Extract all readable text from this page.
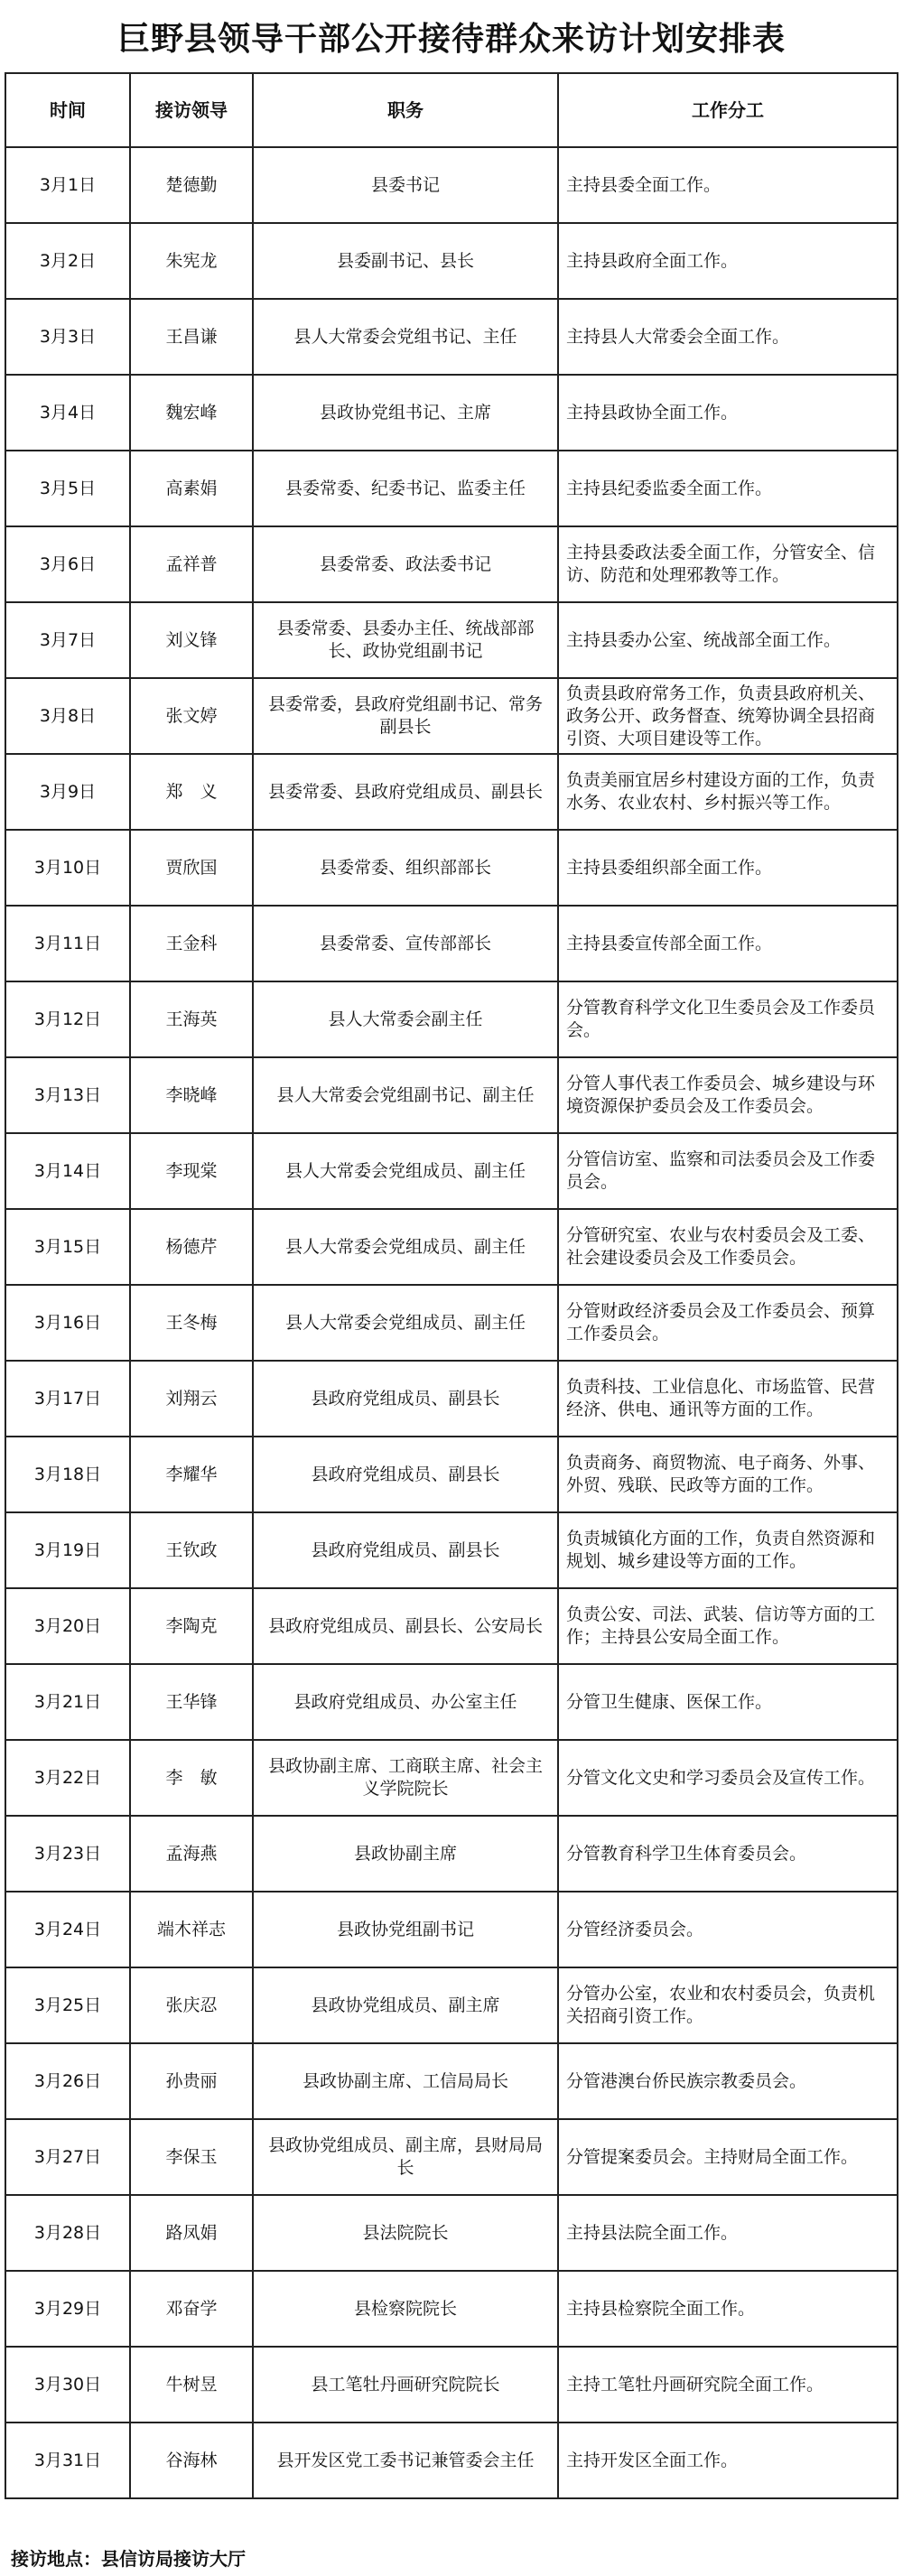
巨野县领导干部公开接待群众来访计划安排表
时间	接访领导	职务	工作分工
3月1日	楚德勤	县委书记	主持县委全面工作。
3月2日	朱宪龙	县委副书记、县长	主持县政府全面工作。
3月3日	王昌谦	县人大常委会党组书记、主任	主持县人大常委会全面工作。
3月4日	魏宏峰	县政协党组书记、主席	主持县政协全面工作。
3月5日	高素娟	县委常委、纪委书记、监委主任	主持县纪委监委全面工作。
3月6日	孟祥普	县委常委、政法委书记	主持县委政法委全面工作，分管安全、信访、防范和处理邪教等工作。
3月7日	刘义锋	县委常委、县委办主任、统战部部长、政协党组副书记	主持县委办公室、统战部全面工作。
3月8日	张文婷	县委常委，县政府党组副书记、常务副县长	负责县政府常务工作，负责县政府机关、政务公开、政务督查、统筹协调全县招商引资、大项目建设等工作。
3月9日	郑　义	县委常委、县政府党组成员、副县长	负责美丽宜居乡村建设方面的工作，负责水务、农业农村、乡村振兴等工作。
3月10日	贾欣国	县委常委、组织部部长	主持县委组织部全面工作。
3月11日	王金科	县委常委、宣传部部长	主持县委宣传部全面工作。
3月12日	王海英	县人大常委会副主任	分管教育科学文化卫生委员会及工作委员会。
3月13日	李晓峰	县人大常委会党组副书记、副主任	分管人事代表工作委员会、城乡建设与环境资源保护委员会及工作委员会。
3月14日	李现棠	县人大常委会党组成员、副主任	分管信访室、监察和司法委员会及工作委员会。
3月15日	杨德芹	县人大常委会党组成员、副主任	分管研究室、农业与农村委员会及工委、社会建设委员会及工作委员会。
3月16日	王冬梅	县人大常委会党组成员、副主任	分管财政经济委员会及工作委员会、预算工作委员会。
3月17日	刘翔云	县政府党组成员、副县长	负责科技、工业信息化、市场监管、民营经济、供电、通讯等方面的工作。
3月18日	李耀华	县政府党组成员、副县长	负责商务、商贸物流、电子商务、外事、外贸、残联、民政等方面的工作。
3月19日	王钦政	县政府党组成员、副县长	负责城镇化方面的工作，负责自然资源和规划、城乡建设等方面的工作。
3月20日	李陶克	县政府党组成员、副县长、公安局长	负责公安、司法、武装、信访等方面的工作；主持县公安局全面工作。
3月21日	王华锋	县政府党组成员、办公室主任	分管卫生健康、医保工作。
3月22日	李　敏	县政协副主席、工商联主席、社会主义学院院长	分管文化文史和学习委员会及宣传工作。
3月23日	孟海燕	县政协副主席	分管教育科学卫生体育委员会。
3月24日	端木祥志	县政协党组副书记	分管经济委员会。
3月25日	张庆忍	县政协党组成员、副主席	分管办公室，农业和农村委员会，负责机关招商引资工作。
3月26日	孙贵丽	县政协副主席、工信局局长	分管港澳台侨民族宗教委员会。
3月27日	李保玉	县政协党组成员、副主席，县财局局长	分管提案委员会。主持财局全面工作。
3月28日	路凤娟	县法院院长	主持县法院全面工作。
3月29日	邓奋学	县检察院院长	主持县检察院全面工作。
3月30日	牛树昱	县工笔牡丹画研究院院长	主持工笔牡丹画研究院全面工作。
3月31日	谷海林	县开发区党工委书记兼管委会主任	主持开发区全面工作。
接访地点：县信访局接访大厅
